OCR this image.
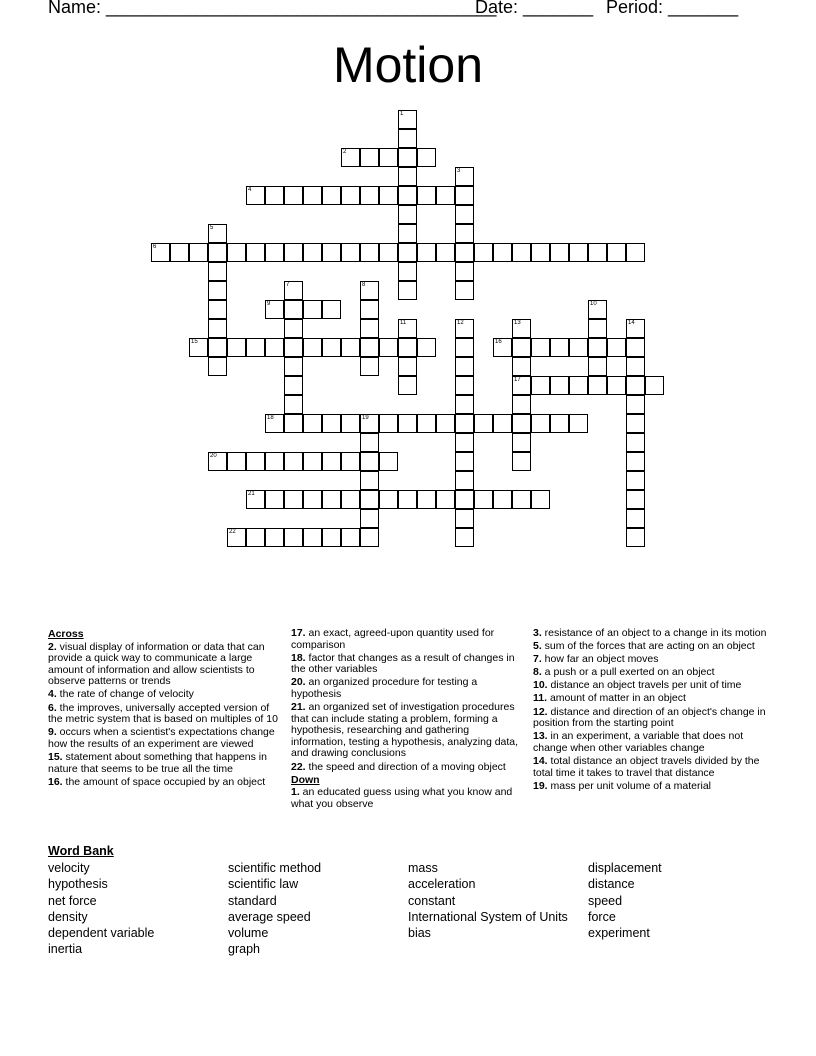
Name: _______________________________________
Date: _______ Period: _______
Motion
1
2
3
4
5
6
7	8
9	10
11	12	13
17
14
15	16
18	19
20
21
22
Across
2. visual display of information or data that can provide a quick way to communicate a large amount of information and allow scientists to observe patterns or trends
4. the rate of change of velocity
6. the improves, universally accepted version of the metric system that is based on multiples of 10
9. occurs when a scientist's expectations change how the results of an experiment are viewed
15. statement about something that happens in nature that seems to be true all the time
16. the amount of space occupied by an object
17. an exact, agreed-upon quantity used for comparison
18. factor that changes as a result of changes in the other variables
20. an organized procedure for testing a hypothesis
21. an organized set of investigation procedures that can include stating a problem, forming a hypothesis, researching and gathering information, testing a hypothesis, analyzing data, and drawing conclusions
22. the speed and direction of a moving object
Down
1. an educated guess using what you know and what you observe
3. resistance of an object to a change in its motion
5. sum of the forces that are acting on an object
7. how far an object moves
8. a push or a pull exerted on an object
10. distance an object travels per unit of time
11. amount of matter in an object
12. distance and direction of an object's change in position from the starting point
13. in an experiment, a variable that does not change when other variables change
14. total distance an object travels divided by the total time it takes to travel that distance
19. mass per unit volume of a material
Word Bank
velocity
hypothesis
net force
density
dependent variable
inertia
scientific method
scientific law
standard
average speed
volume
graph
mass
acceleration
constant
International System of Units
bias
displacement
distance
speed
force
experiment
